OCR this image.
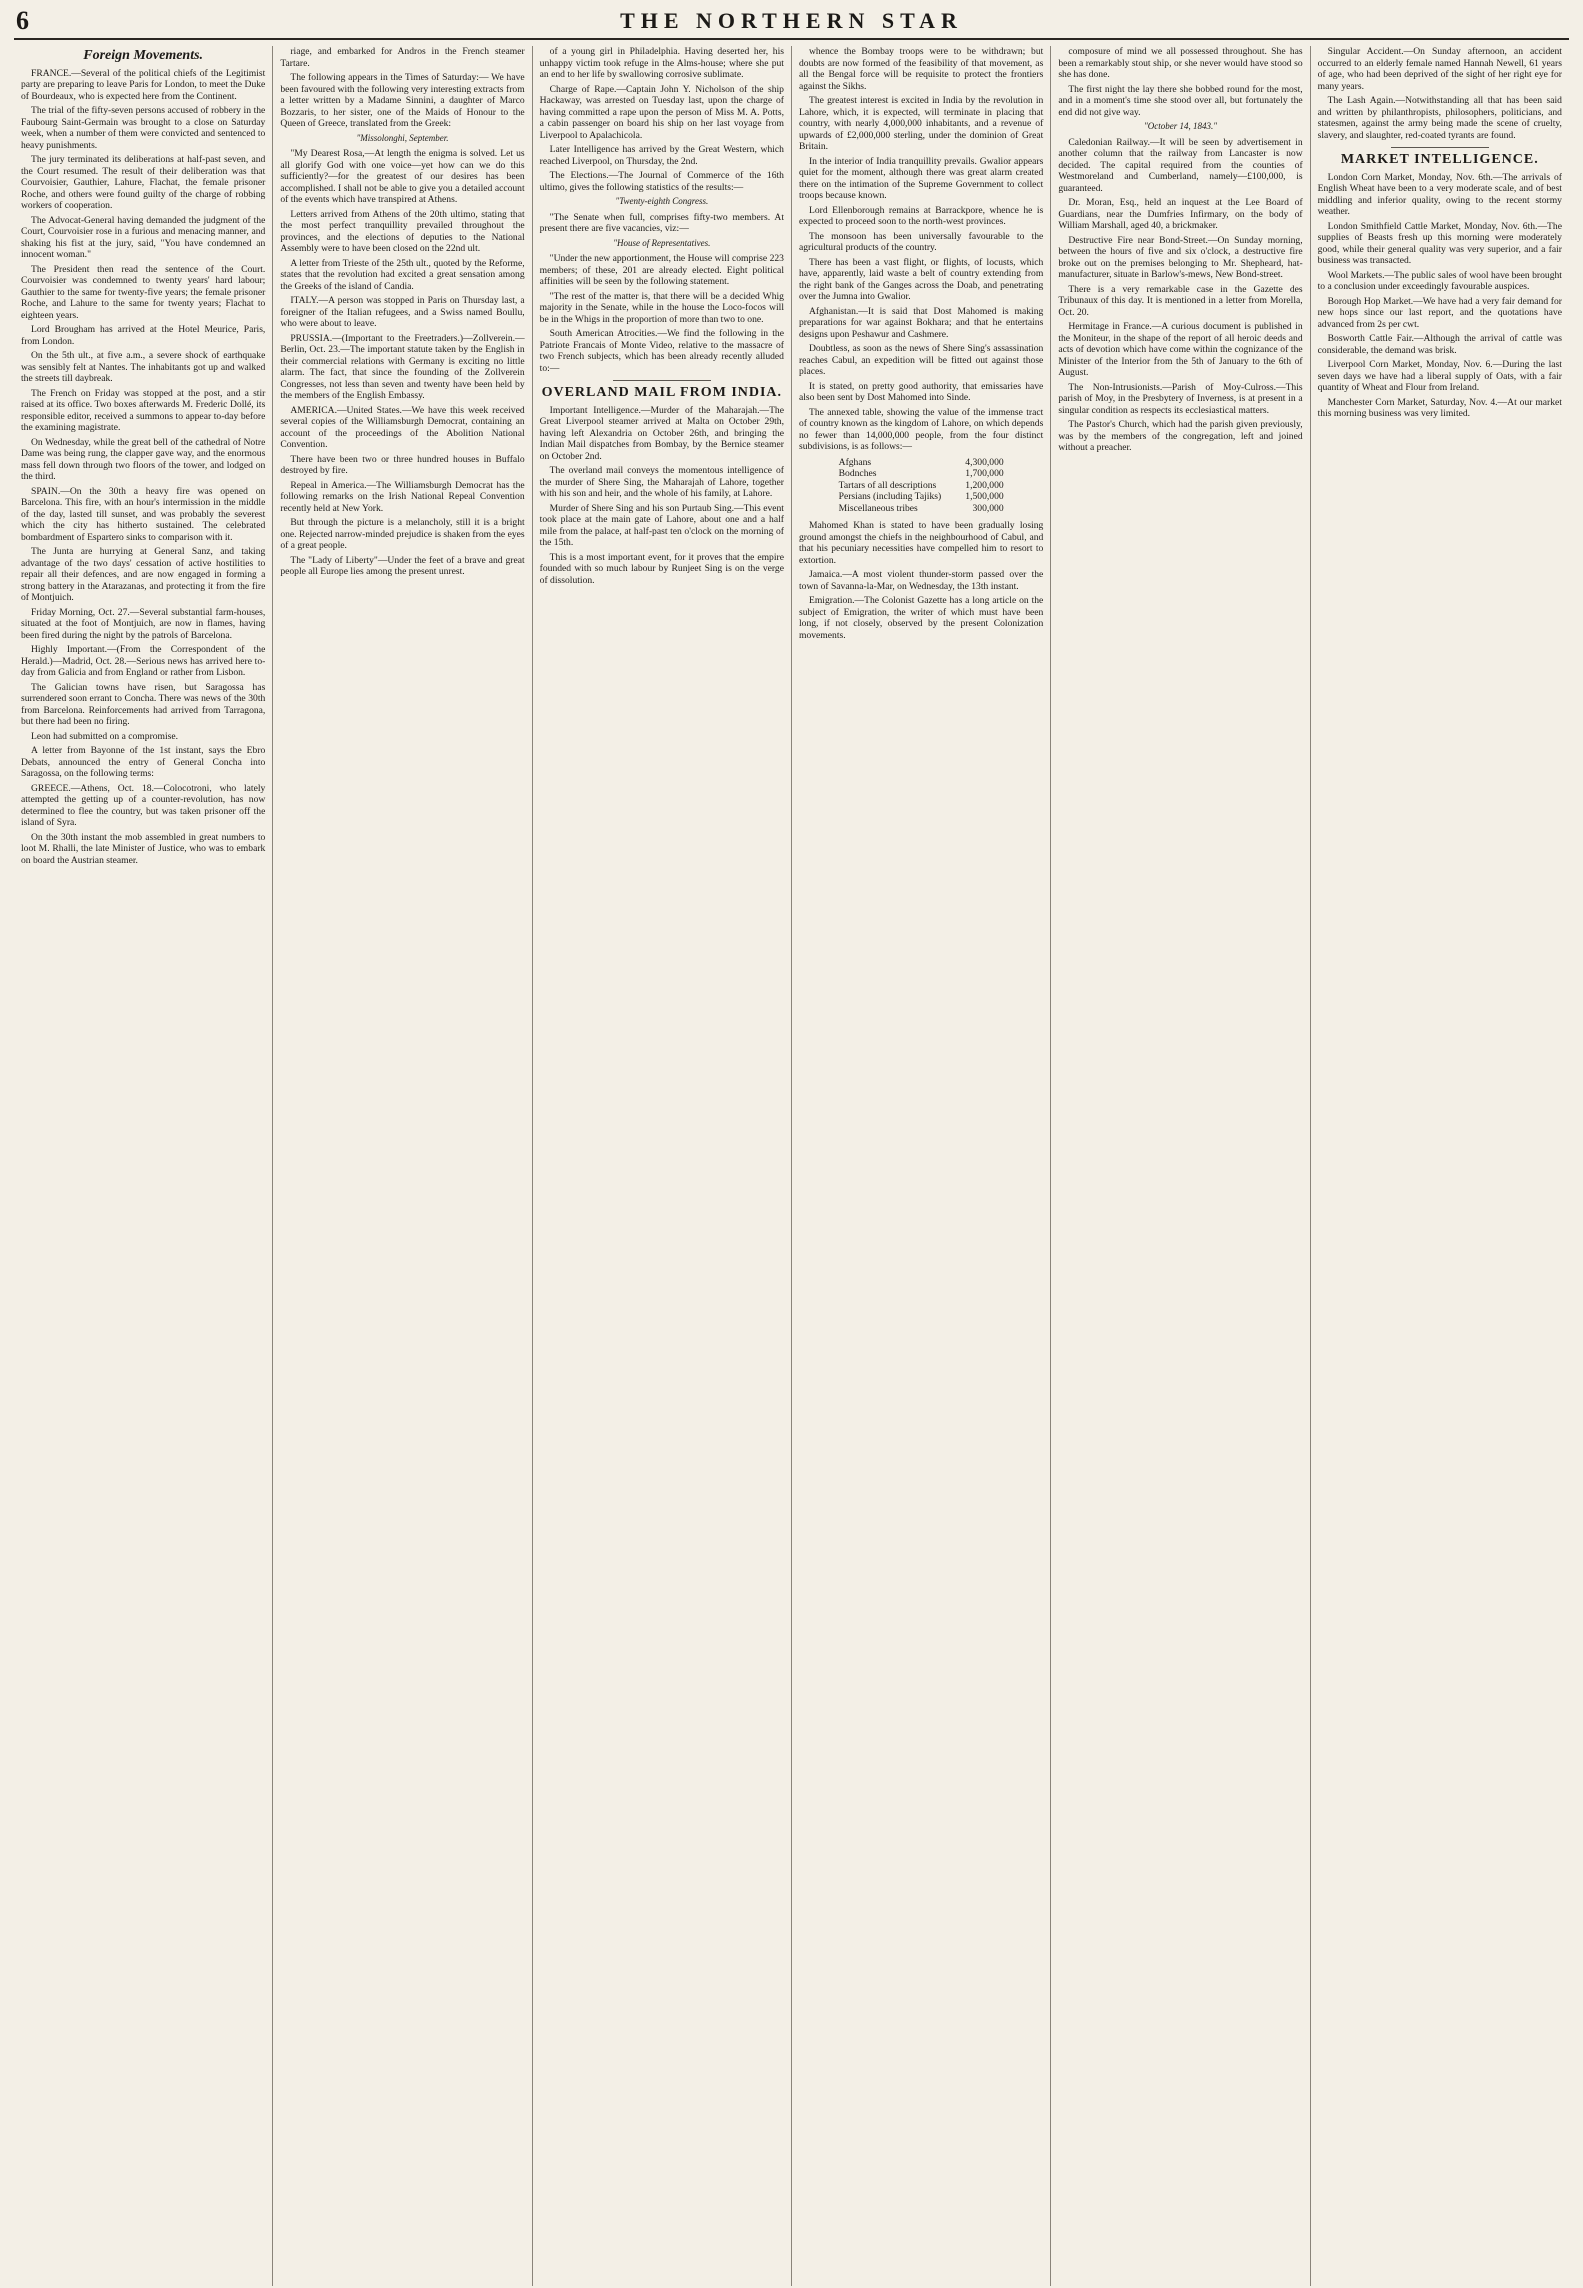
6	THE NORTHERN STAR
Foreign Movements.

FRANCE.—Several of the political chiefs of the Legitimist party are preparing to leave Paris for London, to meet the Duke of Bourdeaux, who is expected here from the Continent.

The trial of the fifty-seven persons accused of robbery in the Faubourg Saint-Germain was brought to a close on Saturday week, when a number of them were convicted and sentenced to heavy punishments.

The jury terminated its deliberations at half-past seven, and the Court resumed. The result of their deliberation was that Courvoisier, Gauthier, Lahure, Flachat, the female prisoner Roche, and others were found guilty of the charge of robbing workers of cooperation.

The Advocat-General having demanded the judgment of the Court, Courvoisier rose in a furious and menacing manner, and shaking his fist at the jury, said, "You have condemned an innocent woman."

The President then read the sentence of the Court. Courvoisier was condemned to twenty years' hard labour; Gauthier to the same for twenty-five years; the female prisoner Roche, and Lahure to the same for twenty years; Flachat to eighteen years.

Lord Brougham has arrived at the Hotel Meurice, Paris, from London.

On the 5th ult., at five a.m., a severe shock of earthquake was sensibly felt at Nantes. The inhabitants got up and walked the streets till daybreak.

The French on Friday was stopped at the post, and a stir raised at its office. Two boxes afterwards M. Frederic Dollé, its responsible editor, received a summons to appear to-day before the examining magistrate.

On Wednesday, while the great bell of the cathedral of Notre Dame was being rung, the clapper gave way, and the enormous mass fell down through two floors of the tower, and lodged on the third.

SPAIN.—On the 30th a heavy fire was opened on Barcelona. This fire, with an hour's intermission in the middle of the day, lasted till sunset, and was probably the severest which the city has hitherto sustained. The celebrated bombardment of Espartero sinks to comparison with it.

The Junta are hurrying at General Sanz, and taking advantage of the two days' cessation of active hostilities to repair all their defences, and are now engaged in forming a strong battery in the Atarazanas, and protecting it from the fire of Montjuich.

Friday Morning, Oct. 27.—Several substantial farm-houses, situated at the foot of Montjuich, are now in flames, having been fired during the night by the patrols of Barcelona.

Highly Important.—(From the Correspondent of the Herald.)—Madrid, Oct. 28.—Serious news has arrived here to-day from Galicia and from England or rather from Lisbon.

The Galician towns have risen, but Saragossa has surrendered soon errant to Concha. There was news of the 30th from Barcelona. Reinforcements had arrived from Tarragona, but there had been no firing.

Leon had submitted on a compromise.

A letter from Bayonne of the 1st instant, says the Ebro Debats, announced the entry of General Concha into Saragossa, on the following terms:

GREECE.—Athens, Oct. 18.—Colocotroni, who lately attempted the getting up of a counter-revolution, has now determined to flee the country, but was taken prisoner off the island of Syra.

On the 30th instant the mob assembled in great numbers to loot M. Rhalli, the late Minister of Justice, who was to embark on board the Austrian steamer.

riage, and embarked for Andros in the French steamer Tartare.

The following appears in the Times of Saturday:— We have been favoured with the following very interesting extracts from a letter written by a Madame Sinnini, a daughter of Marco Bozzaris, to her sister, one of the Maids of Honour to the Queen of Greece, translated from the Greek:

"Missolonghi, September.

"My Dearest Rosa,—At length the enigma is solved. Let us all glorify God with one voice—yet how can we do this sufficiently?—for the greatest of our desires has been accomplished. I shall not be able to give you a detailed account of the events which have transpired at Athens.

Letters arrived from Athens of the 20th ultimo, stating that the most perfect tranquillity prevailed throughout the provinces, and the elections of deputies to the National Assembly were to have been closed on the 22nd ult.

A letter from Trieste of the 25th ult., quoted by the Reforme, states that the revolution had excited a great sensation among the Greeks of the island of Candia.

ITALY.—A person was stopped in Paris on Thursday last, a foreigner of the Italian refugees, and a Swiss named Boullu, who were about to leave.

PRUSSIA.—(Important to the Freetraders.)—Zollverein.—Berlin, Oct. 23.—The important statute taken by the English in their commercial relations with Germany is exciting no little alarm. The fact, that since the founding of the Zollverein Congresses, not less than seven and twenty have been held by the members of the English Embassy.

AMERICA.—United States.—We have this week received several copies of the Williamsburgh Democrat, containing an account of the proceedings of the Abolition National Convention.

There have been two or three hundred houses in Buffalo destroyed by fire.

Repeal in America.—The Williamsburgh Democrat has the following remarks on the Irish National Repeal Convention recently held at New York.

But through the picture is a melancholy, still it is a bright one. Rejected narrow-minded prejudice is shaken from the eyes of a great people.

The "Lady of Liberty"—Under the feet of a brave and great people all Europe lies among the present unrest.

of a young girl in Philadelphia. Having deserted her, his unhappy victim took refuge in the Alms-house; where she put an end to her life by swallowing corrosive sublimate.

Charge of Rape.—Captain John Y. Nicholson of the ship Hackaway, was arrested on Tuesday last, upon the charge of having committed a rape upon the person of Miss M. A. Potts, a cabin passenger on board his ship on her last voyage from Liverpool to Apalachicola.

Later Intelligence has arrived by the Great Western, which reached Liverpool, on Thursday, the 2nd.

The Elections.—The Journal of Commerce of the 16th ultimo, gives the following statistics of the results:—

"Twenty-eighth Congress.

"The Senate when full, comprises fifty-two members. At present there are five vacancies, viz:—

"House of Representatives.

"Under the new apportionment, the House will comprise 223 members; of these, 201 are already elected. Eight political affinities will be seen by the following statement.

"The rest of the matter is, that there will be a decided Whig majority in the Senate, while in the house the Loco-focos will be in the Whigs in the proportion of more than two to one.

South American Atrocities.—We find the following in the Patriote Francais of Monte Video, relative to the massacre of two French subjects, which has been already recently alluded to:—

OVERLAND MAIL FROM INDIA.

Important Intelligence.—Murder of the Maharajah.—The Great Liverpool steamer arrived at Malta on October 29th, having left Alexandria on October 26th, and bringing the Indian Mail dispatches from Bombay, by the Bernice steamer on October 2nd.

The overland mail conveys the momentous intelligence of the murder of Shere Sing, the Maharajah of Lahore, together with his son and heir, and the whole of his family, at Lahore.

Murder of Shere Sing and his son Purtaub Sing.—This event took place at the main gate of Lahore, about one and a half mile from the palace, at half-past ten o'clock on the morning of the 15th.

This is a most important event, for it proves that the empire founded with so much labour by Runjeet Sing is on the verge of dissolution.

whence the Bombay troops were to be withdrawn; but doubts are now formed of the feasibility of that movement, as all the Bengal force will be requisite to protect the frontiers against the Sikhs.

The greatest interest is excited in India by the revolution in Lahore, which, it is expected, will terminate in placing that country, with nearly 4,000,000 inhabitants, and a revenue of upwards of £2,000,000 sterling, under the dominion of Great Britain.

In the interior of India tranquillity prevails. Gwalior appears quiet for the moment, although there was great alarm created there on the intimation of the Supreme Government to collect troops because known.

Lord Ellenborough remains at Barrackpore, whence he is expected to proceed soon to the north-west provinces.

The monsoon has been universally favourable to the agricultural products of the country.

There has been a vast flight, or flights, of locusts, which have, apparently, laid waste a belt of country extending from the right bank of the Ganges across the Doab, and penetrating over the Jumna into Gwalior.

Afghanistan.—It is said that Dost Mahomed is making preparations for war against Bokhara; and that he entertains designs upon Peshawur and Cashmere.

Doubtless, as soon as the news of Shere Sing's assassination reaches Cabul, an expedition will be fitted out against those places.

It is stated, on pretty good authority, that emissaries have also been sent by Dost Mahomed into Sinde.

The annexed table, showing the value of the immense tract of country known as the kingdom of Lahore, on which depends no fewer than 14,000,000 people, from the four distinct subdivisions, is as follows:—

Afghans	4,300,000
Bodnches	1,700,000
Tartars of all descriptions	1,200,000
Persians (including Tajiks)	1,500,000
Miscellaneous tribes	300,000

Mahomed Khan is stated to have been gradually losing ground amongst the chiefs in the neighbourhood of Cabul, and that his pecuniary necessities have compelled him to resort to extortion.

Jamaica.—A most violent thunder-storm passed over the town of Savanna-la-Mar, on Wednesday, the 13th instant.

Emigration.—The Colonist Gazette has a long article on the subject of Emigration, the writer of which must have been long, if not closely, observed by the present Colonization movements.

composure of mind we all possessed throughout. She has been a remarkably stout ship, or she never would have stood so she has done.

The first night the lay there she bobbed round for the most, and in a moment's time she stood over all, but fortunately the end did not give way.

"October 14, 1843."

Caledonian Railway.—It will be seen by advertisement in another column that the railway from Lancaster is now decided. The capital required from the counties of Westmoreland and Cumberland, namely—£100,000, is guaranteed.

Dr. Moran, Esq., held an inquest at the Lee Board of Guardians, near the Dumfries Infirmary, on the body of William Marshall, aged 40, a brickmaker.

Destructive Fire near Bond-Street.—On Sunday morning, between the hours of five and six o'clock, a destructive fire broke out on the premises belonging to Mr. Shepheard, hat-manufacturer, situate in Barlow's-mews, New Bond-street.

There is a very remarkable case in the Gazette des Tribunaux of this day. It is mentioned in a letter from Morella, Oct. 20.

Hermitage in France.—A curious document is published in the Moniteur, in the shape of the report of all heroic deeds and acts of devotion which have come within the cognizance of the Minister of the Interior from the 5th of January to the 6th of August.

The Non-Intrusionists.—Parish of Moy-Culross.—This parish of Moy, in the Presbytery of Inverness, is at present in a singular condition as respects its ecclesiastical matters.

The Pastor's Church, which had the parish given previously, was by the members of the congregation, left and joined without a preacher.

Singular Accident.—On Sunday afternoon, an accident occurred to an elderly female named Hannah Newell, 61 years of age, who had been deprived of the sight of her right eye for many years.

The Lash Again.—Notwithstanding all that has been said and written by philanthropists, philosophers, politicians, and statesmen, against the army being made the scene of cruelty, slavery, and slaughter, red-coated tyrants are found.

MARKET INTELLIGENCE.

London Corn Market, Monday, Nov. 6th.—The arrivals of English Wheat have been to a very moderate scale, and of best middling and inferior quality, owing to the recent stormy weather.

London Smithfield Cattle Market, Monday, Nov. 6th.—The supplies of Beasts fresh up this morning were moderately good, while their general quality was very superior, and a fair business was transacted.

Wool Markets.—The public sales of wool have been brought to a conclusion under exceedingly favourable auspices.

Borough Hop Market.—We have had a very fair demand for new hops since our last report, and the quotations have advanced from 2s per cwt.

Bosworth Cattle Fair.—Although the arrival of cattle was considerable, the demand was brisk.

Liverpool Corn Market, Monday, Nov. 6.—During the last seven days we have had a liberal supply of Oats, with a fair quantity of Wheat and Flour from Ireland.

Manchester Corn Market, Saturday, Nov. 4.—At our market this morning business was very limited.
